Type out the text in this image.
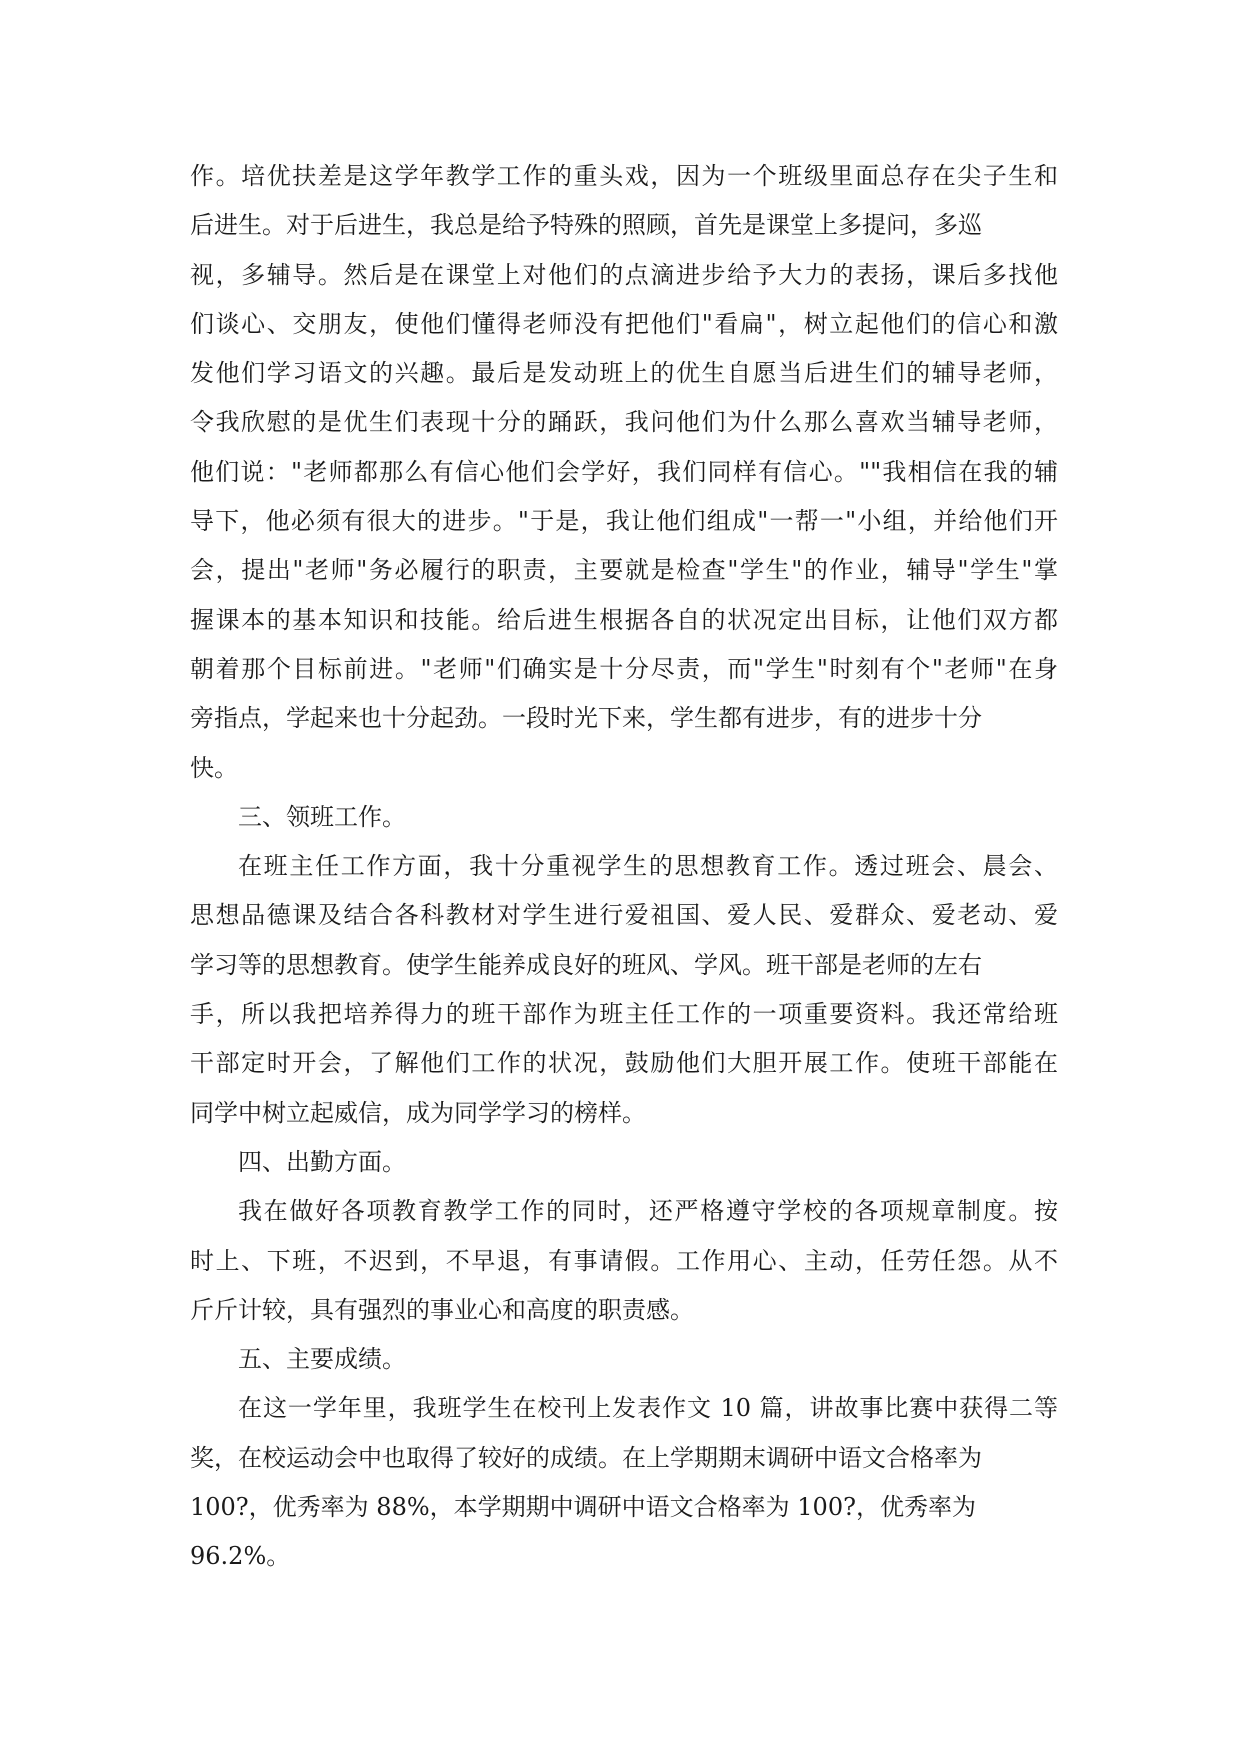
作。培优扶差是这学年教学工作的重头戏，因为一个班级里面总存在尖子生和
后进生。对于后进生，我总是给予特殊的照顾，首先是课堂上多提问，多巡
视，多辅导。然后是在课堂上对他们的点滴进步给予大力的表扬，课后多找他
们谈心、交朋友，使他们懂得老师没有把他们"看扁"，树立起他们的信心和激
发他们学习语文的兴趣。最后是发动班上的优生自愿当后进生们的辅导老师，
令我欣慰的是优生们表现十分的踊跃，我问他们为什么那么喜欢当辅导老师，
他们说："老师都那么有信心他们会学好，我们同样有信心。""我相信在我的辅
导下，他必须有很大的进步。"于是，我让他们组成"一帮一"小组，并给他们开
会，提出"老师"务必履行的职责，主要就是检查"学生"的作业，辅导"学生"掌
握课本的基本知识和技能。给后进生根据各自的状况定出目标，让他们双方都
朝着那个目标前进。"老师"们确实是十分尽责，而"学生"时刻有个"老师"在身
旁指点，学起来也十分起劲。一段时光下来，学生都有进步，有的进步十分
快。
三、领班工作。
在班主任工作方面，我十分重视学生的思想教育工作。透过班会、晨会、
思想品德课及结合各科教材对学生进行爱祖国、爱人民、爱群众、爱老动、爱
学习等的思想教育。使学生能养成良好的班风、学风。班干部是老师的左右
手，所以我把培养得力的班干部作为班主任工作的一项重要资料。我还常给班
干部定时开会，了解他们工作的状况，鼓励他们大胆开展工作。使班干部能在
同学中树立起威信，成为同学学习的榜样。
四、出勤方面。
我在做好各项教育教学工作的同时，还严格遵守学校的各项规章制度。按
时上、下班，不迟到，不早退，有事请假。工作用心、主动，任劳任怨。从不
斤斤计较，具有强烈的事业心和高度的职责感。
五、主要成绩。
在这一学年里，我班学生在校刊上发表作文 10 篇，讲故事比赛中获得二等
奖，在校运动会中也取得了较好的成绩。在上学期期末调研中语文合格率为
100?，优秀率为 88%，本学期期中调研中语文合格率为 100?，优秀率为
96.2%。
